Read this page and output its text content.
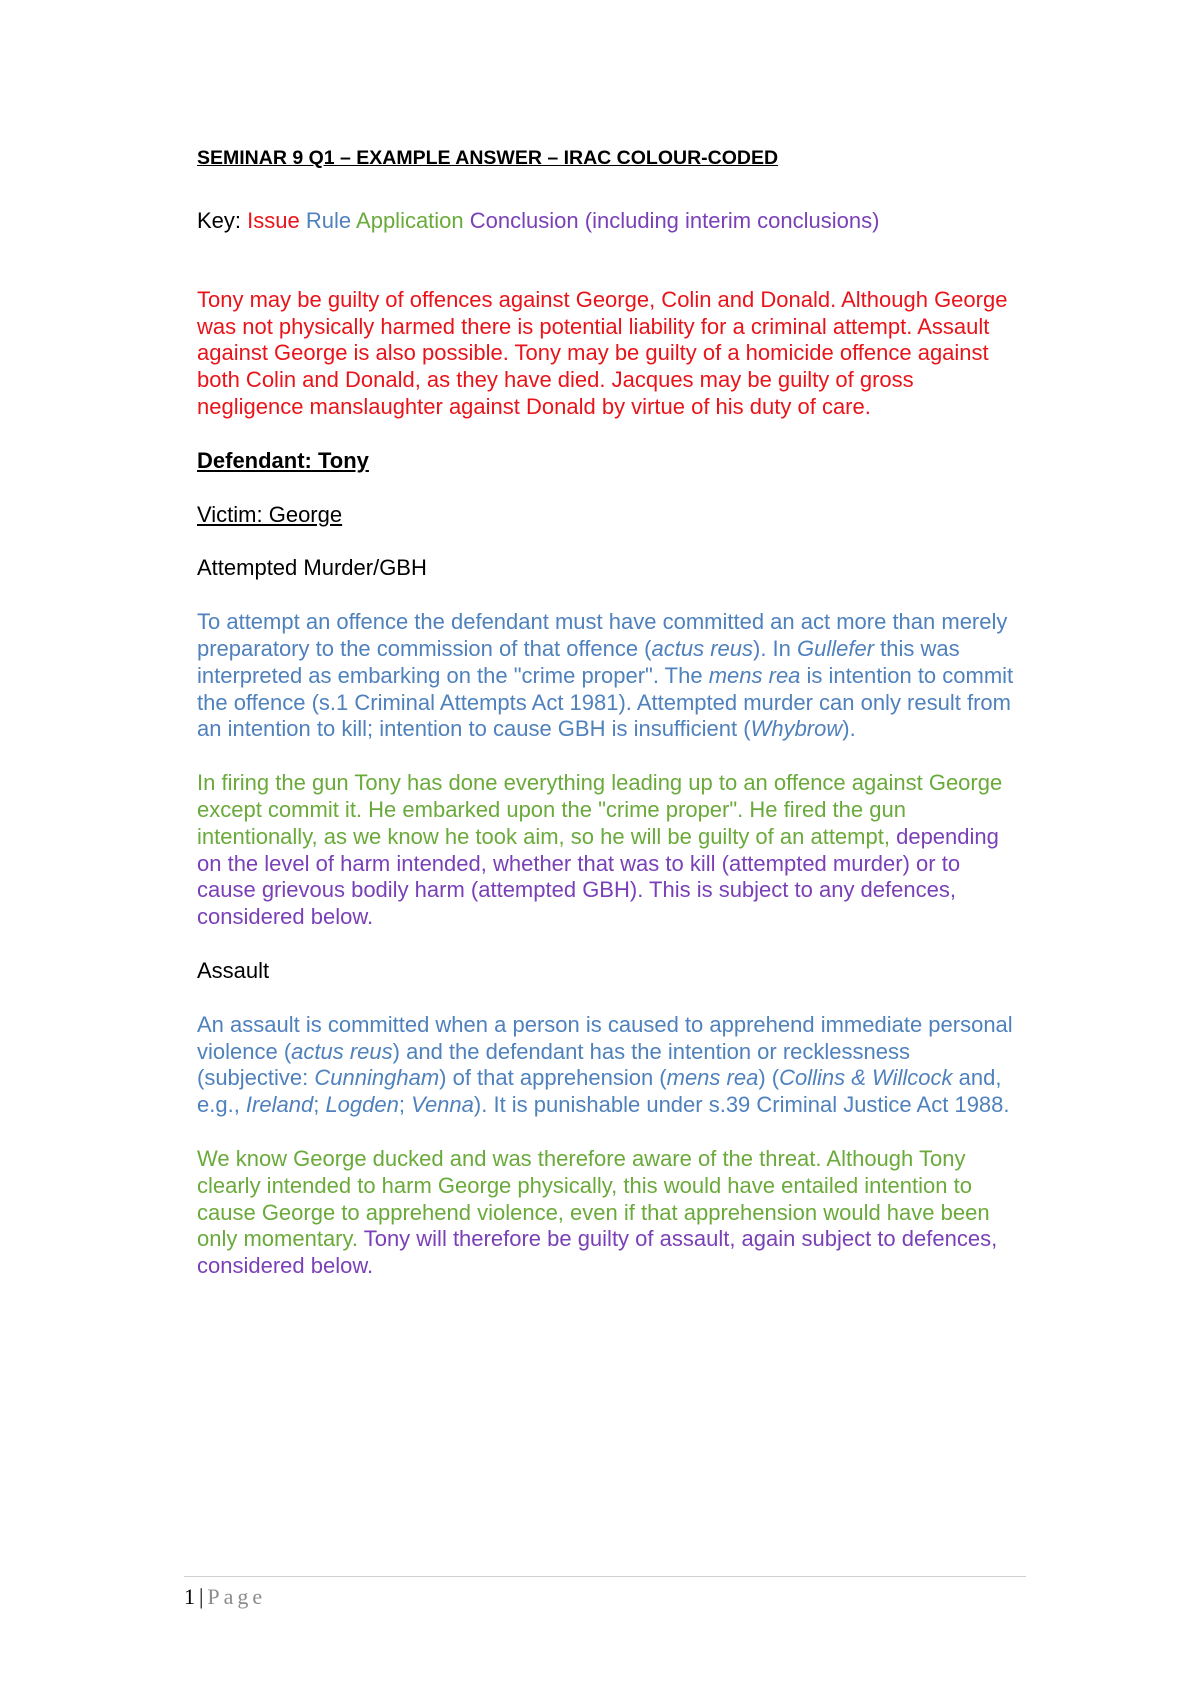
SEMINAR 9 Q1 – EXAMPLE ANSWER – IRAC COLOUR-CODED

Key: Issue Rule Application Conclusion (including interim conclusions)

Tony may be guilty of offences against George, Colin and Donald. Although George was not physically harmed there is potential liability for a criminal attempt. Assault against George is also possible. Tony may be guilty of a homicide offence against both Colin and Donald, as they have died. Jacques may be guilty of gross negligence manslaughter against Donald by virtue of his duty of care.

Defendant: Tony

Victim: George

Attempted Murder/GBH

To attempt an offence the defendant must have committed an act more than merely preparatory to the commission of that offence (actus reus). In Gullefer this was interpreted as embarking on the "crime proper". The mens rea is intention to commit the offence (s.1 Criminal Attempts Act 1981). Attempted murder can only result from an intention to kill; intention to cause GBH is insufficient (Whybrow).

In firing the gun Tony has done everything leading up to an offence against George except commit it. He embarked upon the "crime proper". He fired the gun intentionally, as we know he took aim, so he will be guilty of an attempt, depending on the level of harm intended, whether that was to kill (attempted murder) or to cause grievous bodily harm (attempted GBH). This is subject to any defences, considered below.

Assault

An assault is committed when a person is caused to apprehend immediate personal violence (actus reus) and the defendant has the intention or recklessness (subjective: Cunningham) of that apprehension (mens rea) (Collins & Willcock and, e.g., Ireland; Logden; Venna). It is punishable under s.39 Criminal Justice Act 1988.

We know George ducked and was therefore aware of the threat. Although Tony clearly intended to harm George physically, this would have entailed intention to cause George to apprehend violence, even if that apprehension would have been only momentary. Tony will therefore be guilty of assault, again subject to defences, considered below.

1 | Page
